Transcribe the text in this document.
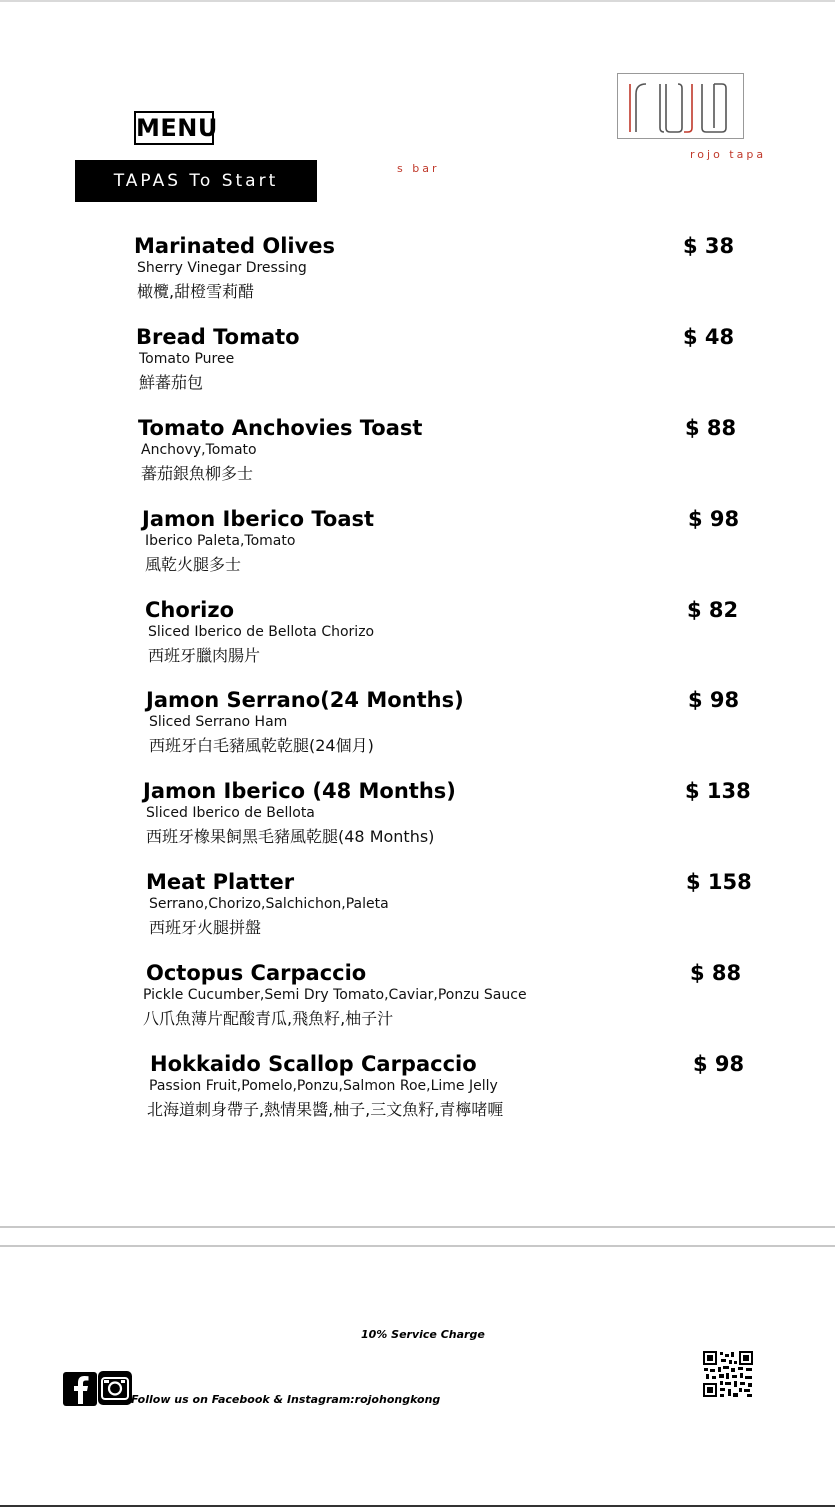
MENU
TAPAS To Start
s bar
rojo tapa
Marinated Olives
Sherry Vinegar Dressing
橄欖,甜橙雪莉醋
$ 38
Bread Tomato
Tomato Puree
鮮蕃茄包
$ 48
Tomato Anchovies Toast
Anchovy,Tomato
蕃茄銀魚柳多士
$ 88
Jamon Iberico Toast
Iberico Paleta,Tomato
風乾火腿多士
$ 98
Chorizo
Sliced Iberico de Bellota Chorizo
西班牙臘肉腸片
$ 82
Jamon Serrano(24 Months)
Sliced Serrano Ham
西班牙白毛豬風乾乾腿(24個月)
$ 98
Jamon Iberico (48 Months)
Sliced Iberico de Bellota
西班牙橡果飼黑毛豬風乾腿(48 Months)
$ 138
Meat Platter
Serrano,Chorizo,Salchichon,Paleta
西班牙火腿拼盤
$ 158
Octopus Carpaccio
Pickle Cucumber,Semi Dry Tomato,Caviar,Ponzu Sauce
八爪魚薄片配酸青瓜,飛魚籽,柚子汁
$ 88
Hokkaido Scallop Carpaccio
Passion Fruit,Pomelo,Ponzu,Salmon Roe,Lime Jelly
北海道刺身帶子,熱情果醬,柚子,三文魚籽,青檸啫喱
$ 98
10% Service Charge
Follow us on Facebook & Instagram:rojohongkong
